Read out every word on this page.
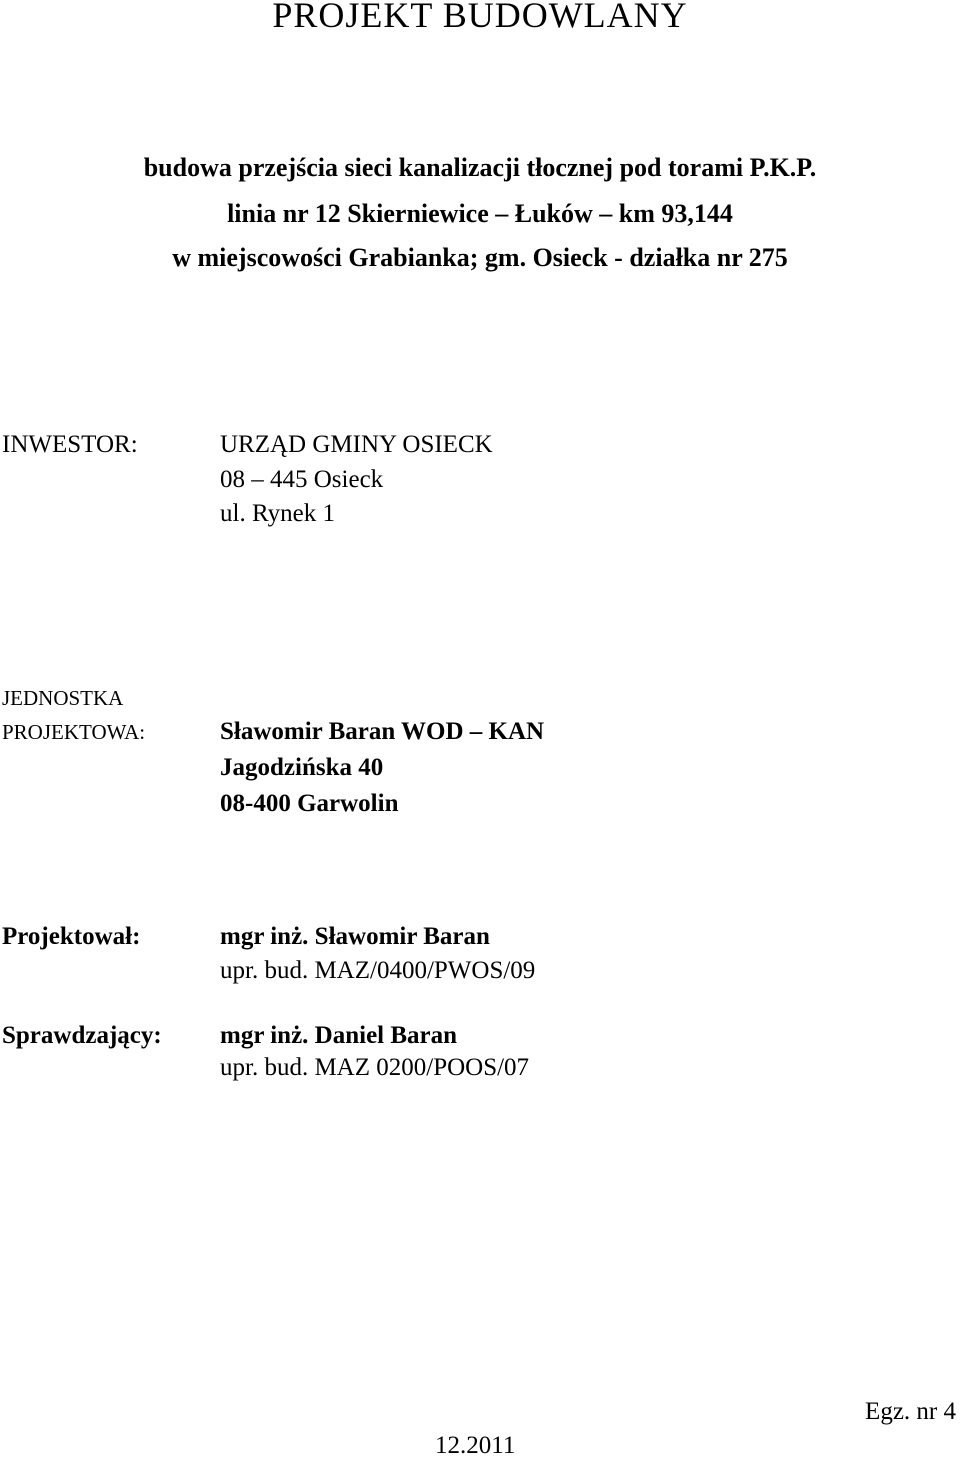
PROJEKT BUDOWLANY
budowa przejścia sieci kanalizacji tłocznej pod torami P.K.P.
linia nr 12 Skierniewice – Łuków – km 93,144
w miejscowości Grabianka; gm. Osieck - działka nr 275
INWESTOR:	URZĄD GMINY OSIECK
08 – 445 Osieck
ul. Rynek 1
JEDNOSTKA
PROJEKTOWA:	Sławomir Baran WOD – KAN
Jagodzińska 40
08-400 Garwolin
Projektował:	mgr inż. Sławomir Baran
upr. bud. MAZ/0400/PWOS/09
Sprawdzający: mgr inż. Daniel Baran
upr. bud. MAZ 0200/POOS/07
Egz. nr 4
12.2011
